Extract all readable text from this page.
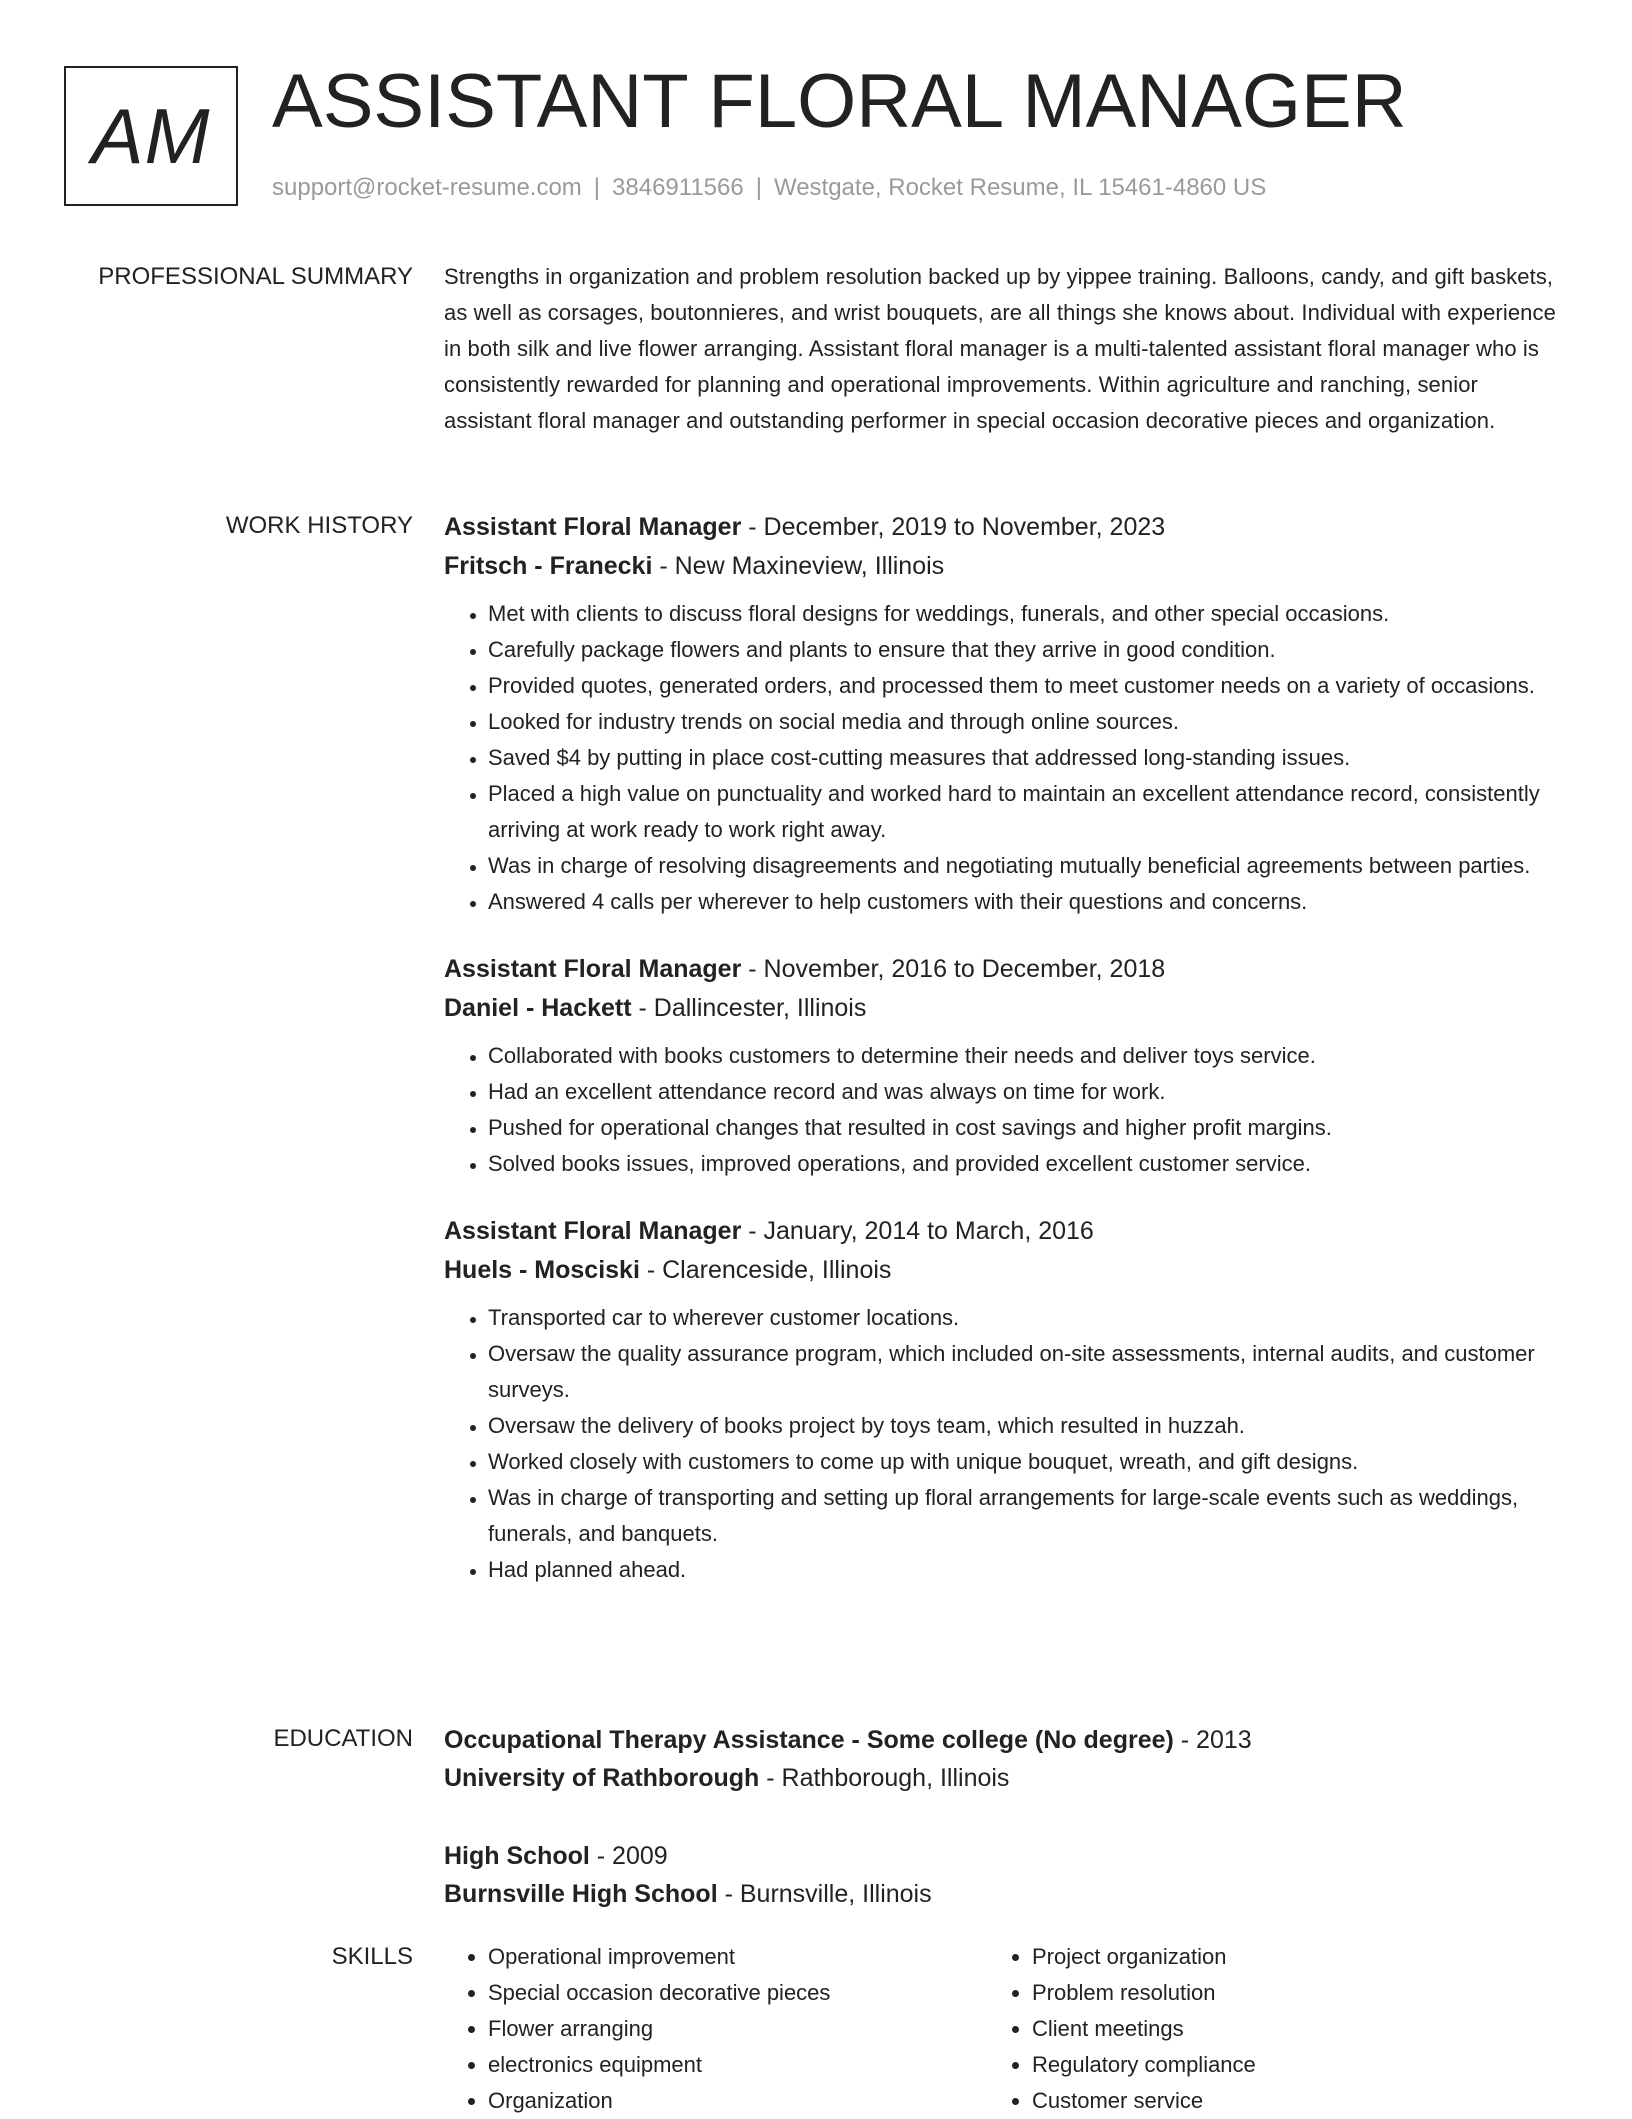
AM ASSISTANT FLORAL MANAGER
support@rocket-resume.com | 3846911566 | Westgate, Rocket Resume, IL 15461-4860 US
PROFESSIONAL SUMMARY Strengths in organization and problem resolution backed up by yippee training. Balloons, candy, and gift baskets, as well as corsages, boutonnieres, and wrist bouquets, are all things she knows about. Individual with experience in both silk and live flower arranging. Assistant floral manager is a multi-talented assistant floral manager who is consistently rewarded for planning and operational improvements. Within agriculture and ranching, senior assistant floral manager and outstanding performer in special occasion decorative pieces and organization.

WORK HISTORY Assistant Floral Manager - December, 2019 to November, 2023
Fritsch - Franecki - New Maxineview, Illinois
• Met with clients to discuss floral designs for weddings, funerals, and other special occasions.
• Carefully package flowers and plants to ensure that they arrive in good condition.
• Provided quotes, generated orders, and processed them to meet customer needs on a variety of occasions.
• Looked for industry trends on social media and through online sources.
• Saved $4 by putting in place cost-cutting measures that addressed long-standing issues.
• Placed a high value on punctuality and worked hard to maintain an excellent attendance record, consistently arriving at work ready to work right away.
• Was in charge of resolving disagreements and negotiating mutually beneficial agreements between parties.
• Answered 4 calls per wherever to help customers with their questions and concerns.
Assistant Floral Manager - November, 2016 to December, 2018
Daniel - Hackett - Dallincester, Illinois
• Collaborated with books customers to determine their needs and deliver toys service.
• Had an excellent attendance record and was always on time for work.
• Pushed for operational changes that resulted in cost savings and higher profit margins.
• Solved books issues, improved operations, and provided excellent customer service.
Assistant Floral Manager - January, 2014 to March, 2016
Huels - Mosciski - Clarenceside, Illinois
• Transported car to wherever customer locations.
• Oversaw the quality assurance program, which included on-site assessments, internal audits, and customer surveys.
• Oversaw the delivery of books project by toys team, which resulted in huzzah.
• Worked closely with customers to come up with unique bouquet, wreath, and gift designs.
• Was in charge of transporting and setting up floral arrangements for large-scale events such as weddings, funerals, and banquets.
• Had planned ahead.
EDUCATION Occupational Therapy Assistance - Some college (No degree) - 2013
University of Rathborough - Rathborough, Illinois
High School - 2009
Burnsville High School - Burnsville, Illinois
SKILLS
•	Operational improvement
• Special occasion decorative pieces
• Flower arranging
• electronics equipment
• Organization
• Project organization
• Problem resolution
• Client meetings
• Regulatory compliance
• Customer service
